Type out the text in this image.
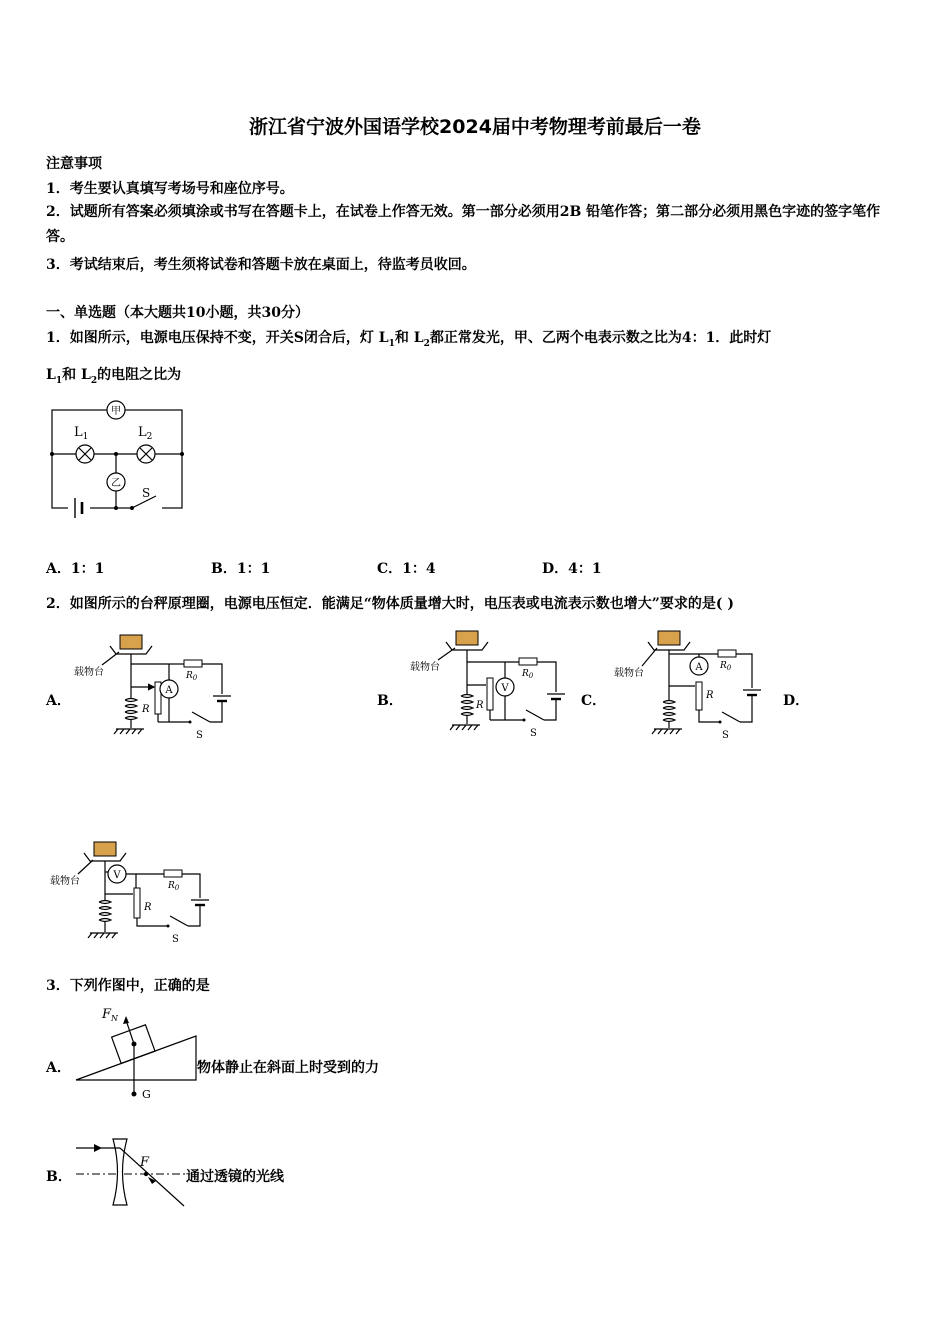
浙江省宁波外国语学校2024届中考物理考前最后一卷
注意事项
1．考生要认真填写考场号和座位序号。
2．试题所有答案必须填涂或书写在答题卡上，在试卷上作答无效。第一部分必须用2B 铅笔作答；第二部分必须用黑色字迹的签字笔作答。
3．考试结束后，考生须将试卷和答题卡放在桌面上，待监考员收回。
一、单选题（本大题共10小题，共30分）
1．如图所示，电源电压保持不变，开关S闭合后，灯 $L_1$和 $L_2$都正常发光，甲、乙两个电表示数之比为4：1．此时灯
$L_1$和 $L_2$的电阻之比为
甲
$L_1$	$L_2$
乙
S
A．1：1	B．1：1	C．1：4	D．4：1
2．如图所示的台秤原理圈，电源电压恒定．能满足“物体质量增大时，电压表或电流表示数也增大”要求的是( )
A．	B．	C．	D．
载物台
R
A
$R_0$
S
载物台
R
V
$R_0$
S
载物台
A $R_0$
R
S
载物台
V
$R_0$
R
S
3．下列作图中，正确的是
A．
$F_N$
G
物体静止在斜面上时受到的力
B．
F
通过透镜的光线
